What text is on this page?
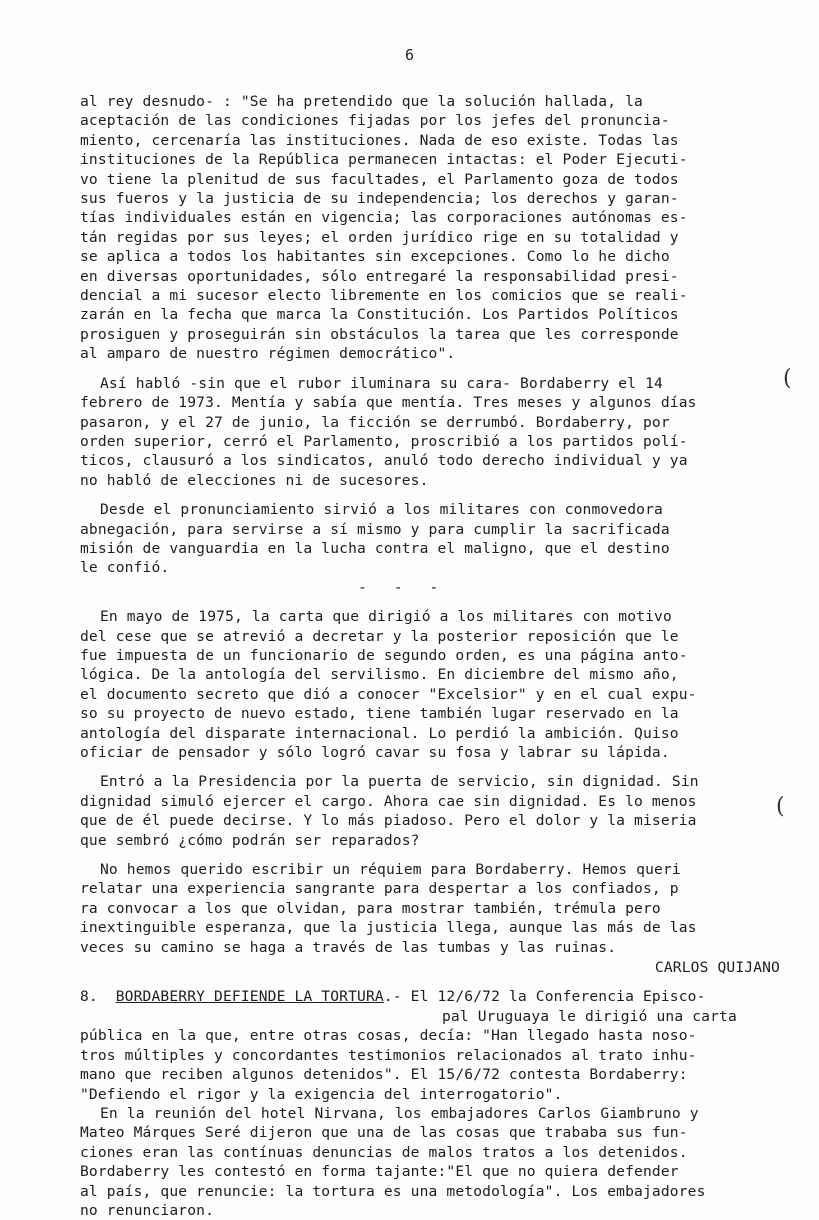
6
al rey desnudo- : "Se ha pretendido que la solución hallada, la
aceptación de las condiciones fijadas por los jefes del pronuncia-
miento, cercenaría las instituciones. Nada de eso existe. Todas las
instituciones de la República permanecen intactas: el Poder Ejecuti-
vo tiene la plenitud de sus facultades, el Parlamento goza de todos
sus fueros y la justicia de su independencia; los derechos y garan-
tías individuales están en vigencia; las corporaciones autónomas es-
tán regidas por sus leyes; el orden jurídico rige en su totalidad y
se aplica a todos los habitantes sin excepciones. Como lo he dicho
en diversas oportunidades, sólo entregaré la responsabilidad presi-
dencial a mi sucesor electo libremente en los comicios que se reali-
zarán en la fecha que marca la Constitución. Los Partidos Políticos
prosiguen y proseguirán sin obstáculos la tarea que les corresponde
al amparo de nuestro régimen democrático".
Así habló -sin que el rubor iluminara su cara- Bordaberry el 14
febrero de 1973. Mentía y sabía que mentía. Tres meses y algunos días
pasaron, y el 27 de junio, la ficción se derrumbó. Bordaberry, por
orden superior, cerró el Parlamento, proscribió a los partidos polí-
ticos, clausuró a los sindicatos, anuló todo derecho individual y ya
no habló de elecciones ni de sucesores.
Desde el pronunciamiento sirvió a los militares con conmovedora
abnegación, para servirse a sí mismo y para cumplir la sacrificada
misión de vanguardia en la lucha contra el maligno, que el destino
le confió.
-   -   -
En mayo de 1975, la carta que dirigió a los militares con motivo
del cese que se atrevió a decretar y la posterior reposición que le
fue impuesta de un funcionario de segundo orden, es una página anto-
lógica. De la antología del servilismo. En diciembre del mismo año,
el documento secreto que dió a conocer "Excelsior" y en el cual expu-
so su proyecto de nuevo estado, tiene también lugar reservado en la
antología del disparate internacional. Lo perdió la ambición. Quiso
oficiar de pensador y sólo logró cavar su fosa y labrar su lápida.
Entró a la Presidencia por la puerta de servicio, sin dignidad. Sin
dignidad simuló ejercer el cargo. Ahora cae sin dignidad. Es lo menos
que de él puede decirse. Y lo más piadoso. Pero el dolor y la miseria
que sembró ¿cómo podrán ser reparados?
No hemos querido escribir un réquiem para Bordaberry. Hemos queri
relatar una experiencia sangrante para despertar a los confiados, p
ra convocar a los que olvidan, para mostrar también, trémula pero
inextinguible esperanza, que la justicia llega, aunque las más de las
veces su camino se haga a través de las tumbas y las ruinas.
CARLOS QUIJANO
8. BORDABERRY DEFIENDE LA TORTURA.- El 12/6/72 la Conferencia Episco-
pal Uruguaya le dirigió una carta
pública en la que, entre otras cosas, decía: "Han llegado hasta noso-
tros múltiples y concordantes testimonios relacionados al trato inhu-
mano que reciben algunos detenidos". El 15/6/72 contesta Bordaberry:
"Defiendo el rigor y la exigencia del interrogatorio".
En la reunión del hotel Nirvana, los embajadores Carlos Giambruno y
Mateo Márques Seré dijeron que una de las cosas que trababa sus fun-
ciones eran las contínuas denuncias de malos tratos a los detenidos.
Bordaberry les contestó en forma tajante:"El que no quiera defender
al país, que renuncie: la tortura es una metodología". Los embajadores
no renunciaron.
(
(
